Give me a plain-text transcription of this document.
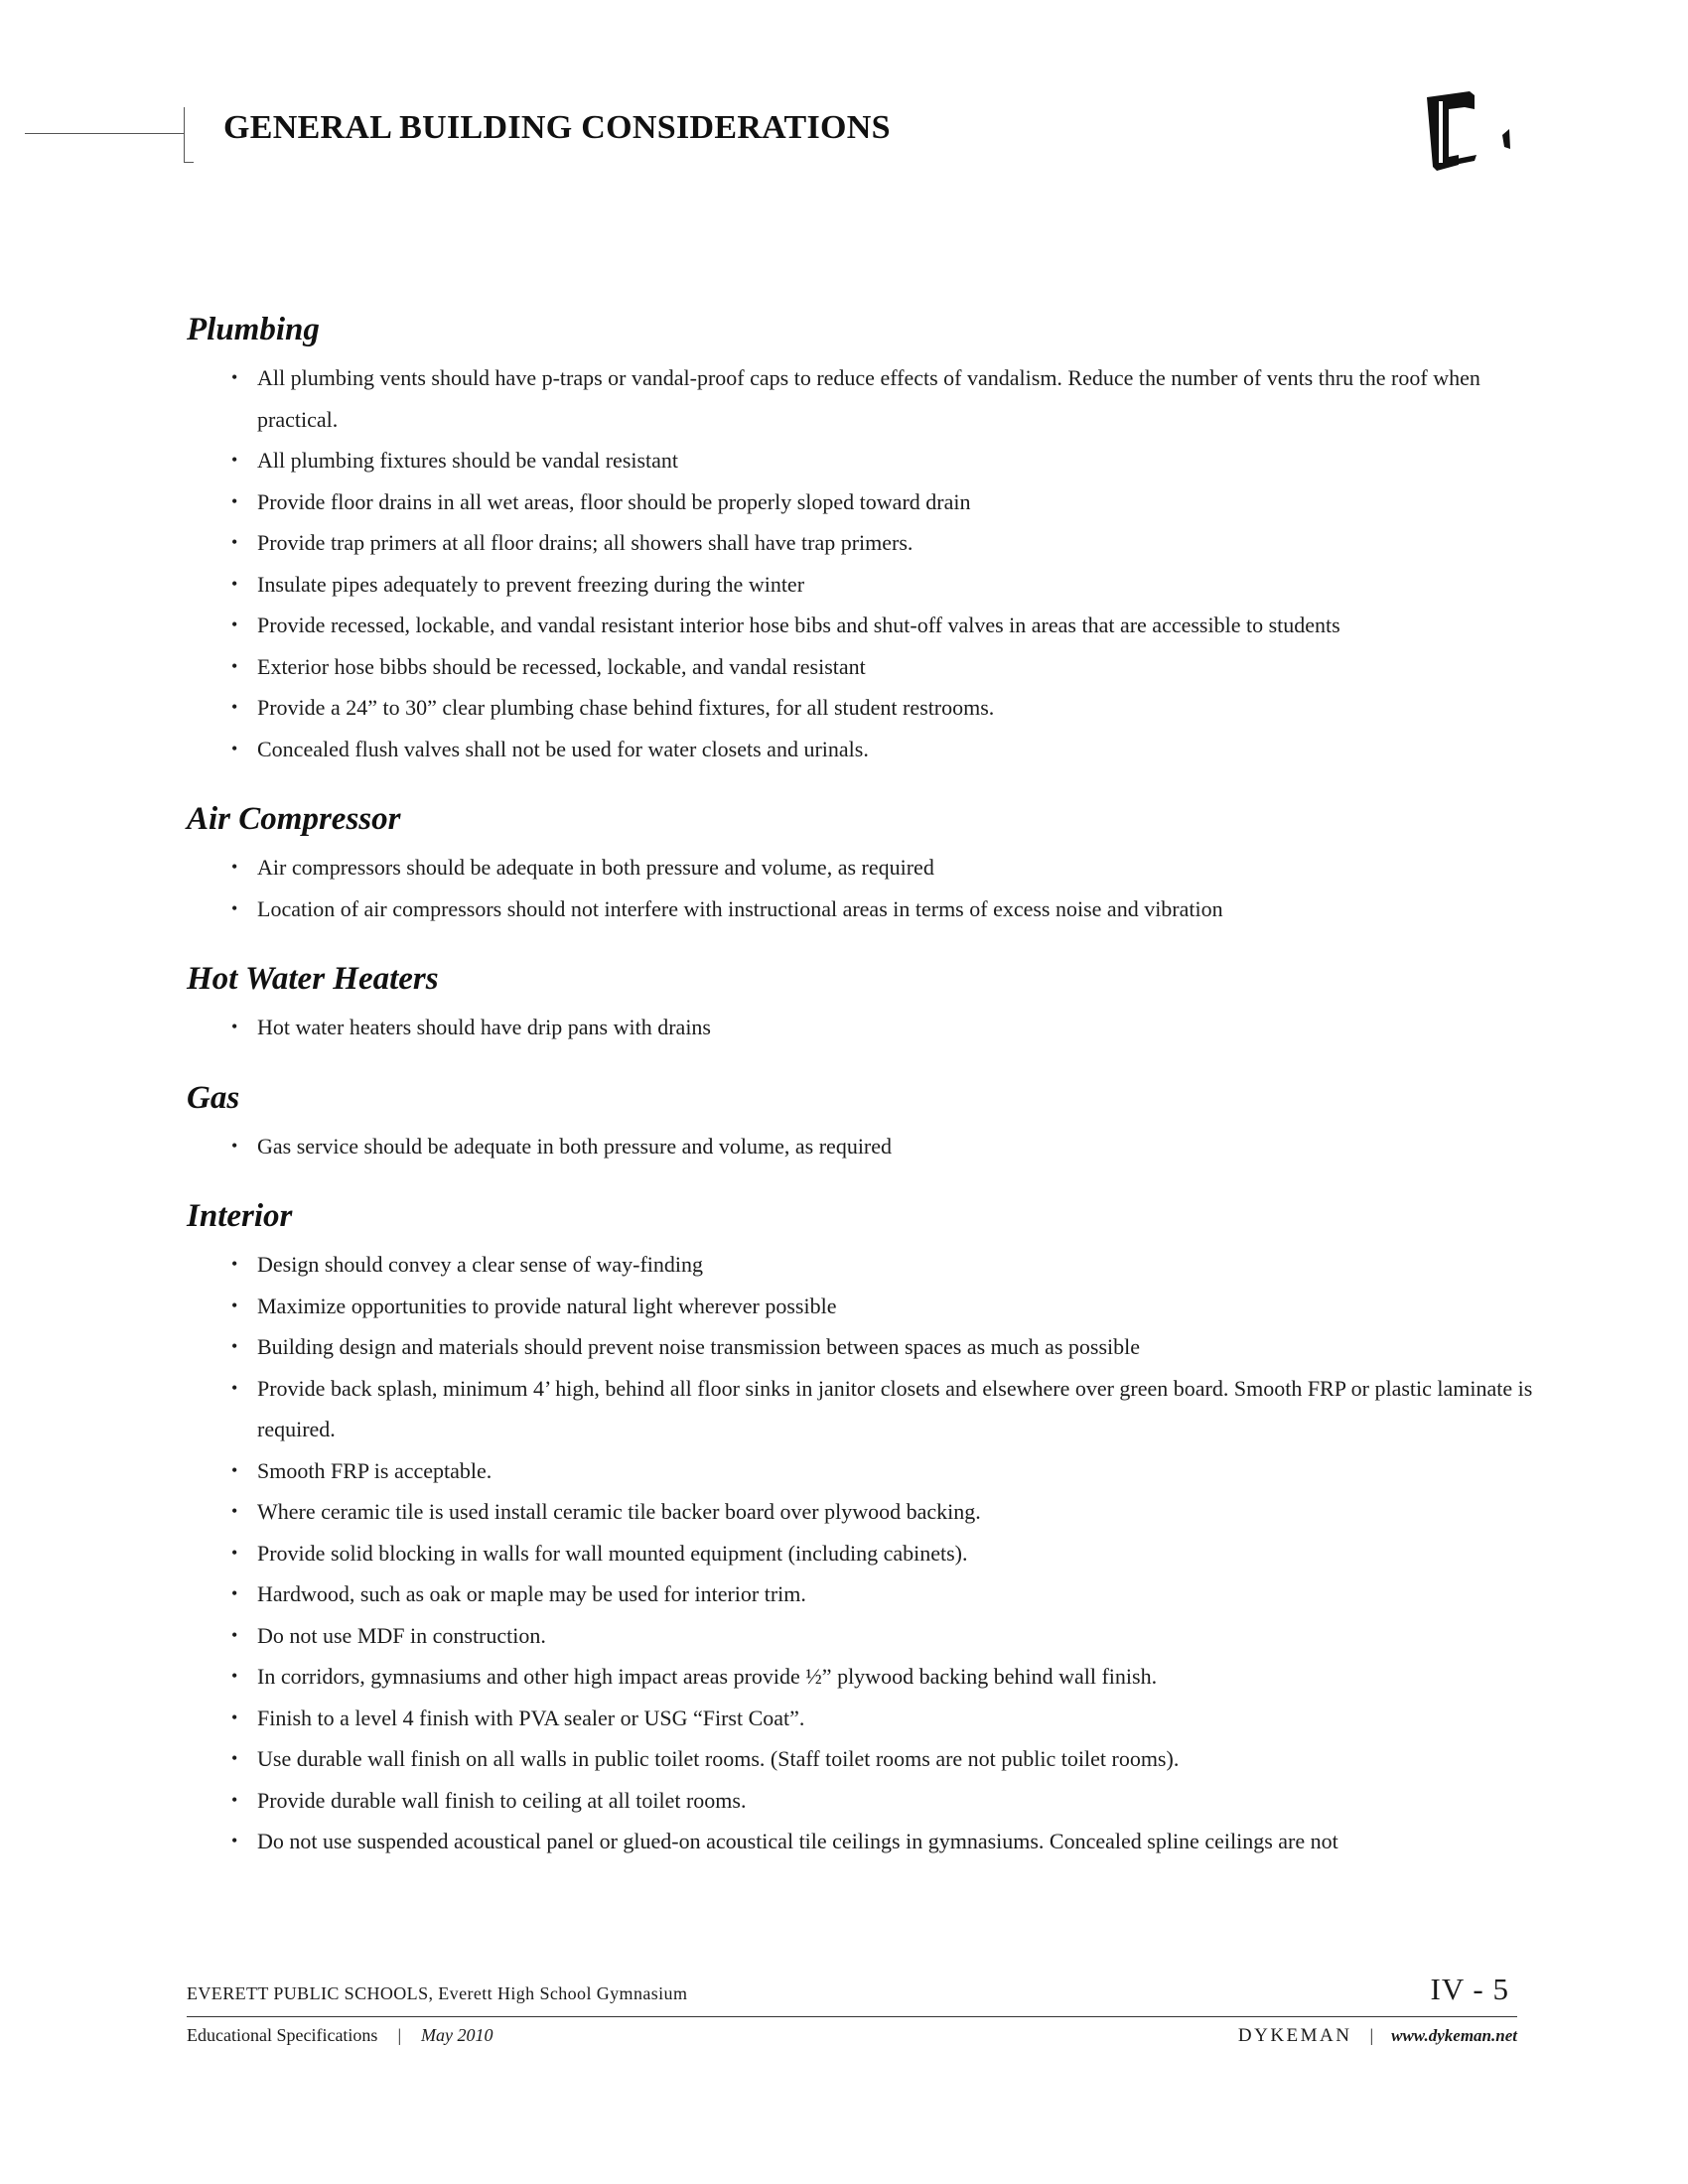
GENERAL BUILDING CONSIDERATIONS
Plumbing
• All plumbing vents should have p-traps or vandal-proof caps to reduce effects of vandalism. Reduce the number of vents thru the roof when practical.
• All plumbing fixtures should be vandal resistant
• Provide floor drains in all wet areas, floor should be properly sloped toward drain
• Provide trap primers at all floor drains; all showers shall have trap primers.
• Insulate pipes adequately to prevent freezing during the winter
• Provide recessed, lockable, and vandal resistant interior hose bibs and shut-off valves in areas that are accessible to students
• Exterior hose bibbs should be recessed, lockable, and vandal resistant
• Provide a 24” to 30” clear plumbing chase behind fixtures, for all student restrooms.
• Concealed flush valves shall not be used for water closets and urinals.
Air Compressor
• Air compressors should be adequate in both pressure and volume, as required
• Location of air compressors should not interfere with instructional areas in terms of excess noise and vibration
Hot Water Heaters
• Hot water heaters should have drip pans with drains
Gas
• Gas service should be adequate in both pressure and volume, as required
Interior
• Design should convey a clear sense of way-finding
• Maximize opportunities to provide natural light wherever possible
• Building design and materials should prevent noise transmission between spaces as much as possible
• Provide back splash, minimum 4’ high, behind all floor sinks in janitor closets and elsewhere over green board. Smooth FRP or plastic laminate is required.
• Smooth FRP is acceptable.
• Where ceramic tile is used install ceramic tile backer board over plywood backing.
• Provide solid blocking in walls for wall mounted equipment (including cabinets).
• Hardwood, such as oak or maple may be used for interior trim.
• Do not use MDF in construction.
• In corridors, gymnasiums and other high impact areas provide ½” plywood backing behind wall finish.
• Finish to a level 4 finish with PVA sealer or USG “First Coat”.
• Use durable wall finish on all walls in public toilet rooms. (Staff toilet rooms are not public toilet rooms).
• Provide durable wall finish to ceiling at all toilet rooms.
• Do not use suspended acoustical panel or glued-on acoustical tile ceilings in gymnasiums. Concealed spline ceilings are not
EVERETT PUBLIC SCHOOLS, Everett High School Gymnasium	IV - 5
Educational Specifications | May 2010	DYKEMAN | www.dykeman.net
